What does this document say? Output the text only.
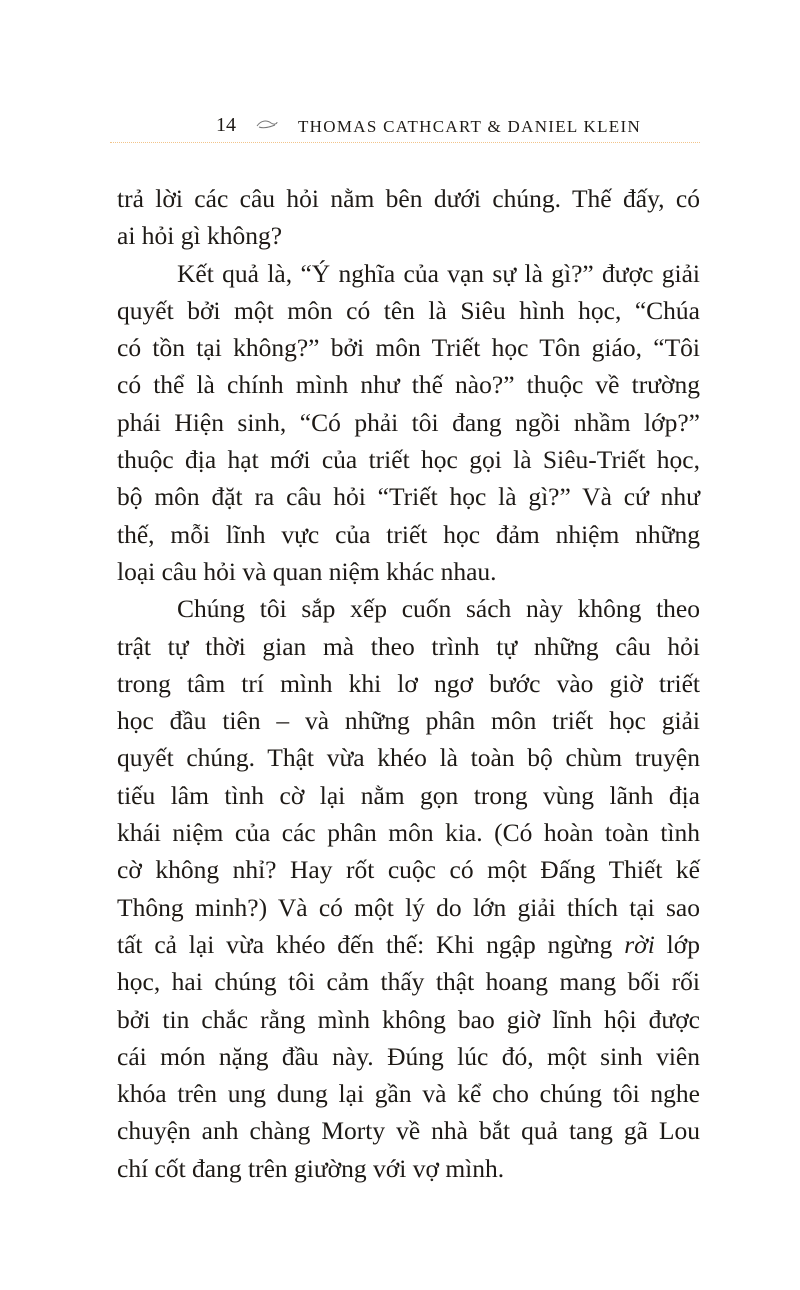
14	THOMAS CATHCART & DANIEL KLEIN
trả lời các câu hỏi nằm bên dưới chúng. Thế đấy, có
ai hỏi gì không?
Kết quả là, “Ý nghĩa của vạn sự là gì?” được giải
quyết bởi một môn có tên là Siêu hình học, “Chúa
có tồn tại không?” bởi môn Triết học Tôn giáo, “Tôi
có thể là chính mình như thế nào?” thuộc về trường
phái Hiện sinh, “Có phải tôi đang ngồi nhầm lớp?”
thuộc địa hạt mới của triết học gọi là Siêu-Triết học,
bộ môn đặt ra câu hỏi “Triết học là gì?” Và cứ như
thế, mỗi lĩnh vực của triết học đảm nhiệm những
loại câu hỏi và quan niệm khác nhau.
Chúng tôi sắp xếp cuốn sách này không theo
trật tự thời gian mà theo trình tự những câu hỏi
trong tâm trí mình khi lơ ngơ bước vào giờ triết
học đầu tiên – và những phân môn triết học giải
quyết chúng. Thật vừa khéo là toàn bộ chùm truyện
tiếu lâm tình cờ lại nằm gọn trong vùng lãnh địa
khái niệm của các phân môn kia. (Có hoàn toàn tình
cờ không nhỉ? Hay rốt cuộc có một Đấng Thiết kế
Thông minh?) Và có một lý do lớn giải thích tại sao
tất cả lại vừa khéo đến thế: Khi ngập ngừng rời lớp
học, hai chúng tôi cảm thấy thật hoang mang bối rối
bởi tin chắc rằng mình không bao giờ lĩnh hội được
cái món nặng đầu này. Đúng lúc đó, một sinh viên
khóa trên ung dung lại gần và kể cho chúng tôi nghe
chuyện anh chàng Morty về nhà bắt quả tang gã Lou
chí cốt đang trên giường với vợ mình.
